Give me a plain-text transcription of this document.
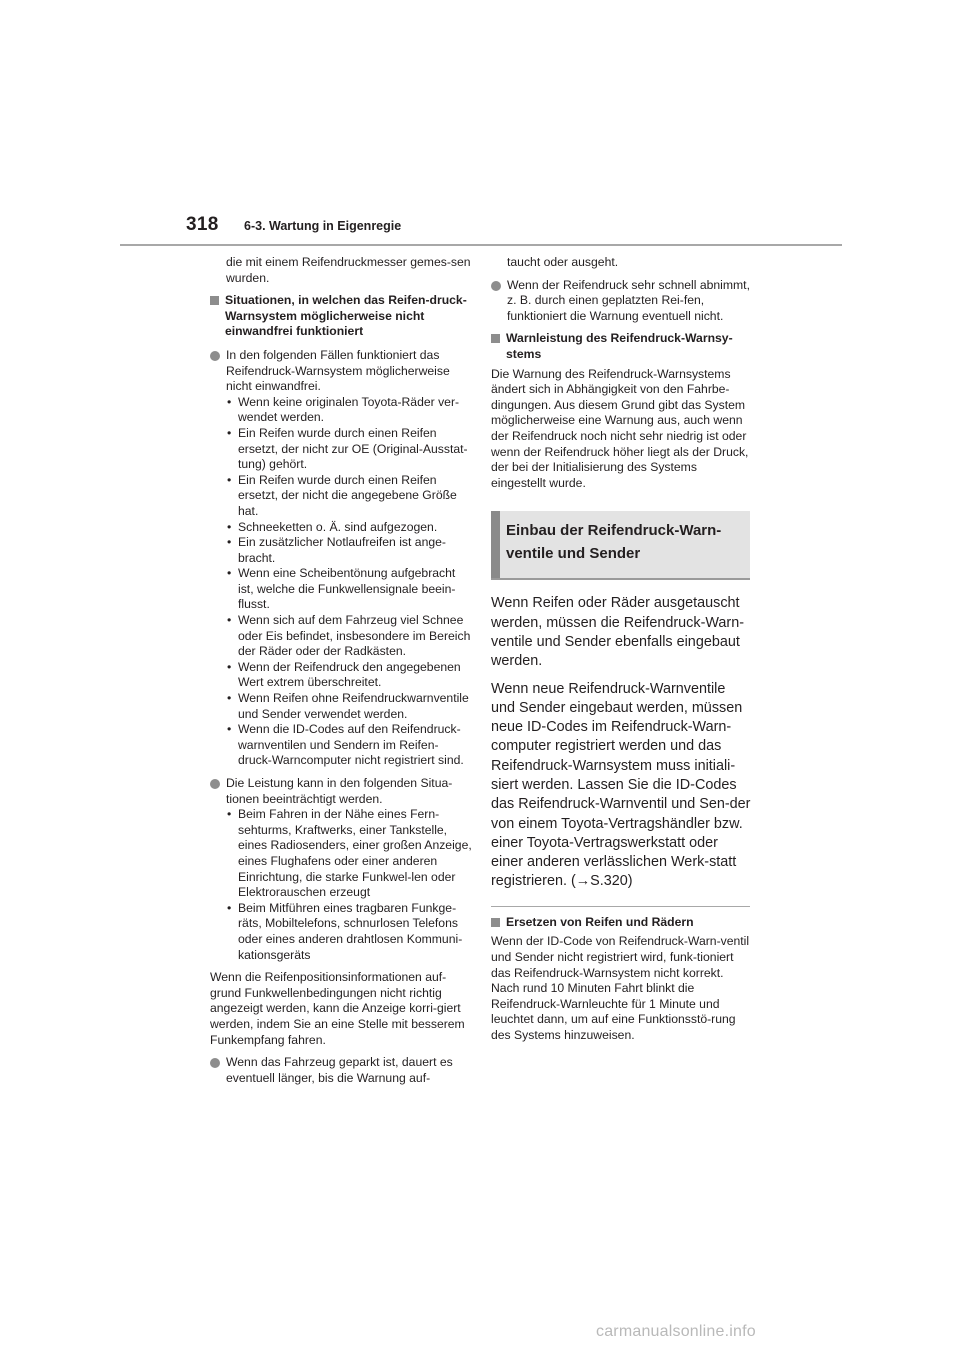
318 6-3. Wartung in Eigenregie

die mit einem Reifendruckmesser gemes-sen wurden.

Situationen, in welchen das Reifen-druck-Warnsystem möglicherweise nicht einwandfrei funktioniert

In den folgenden Fällen funktioniert das Reifendruck-Warnsystem möglicherweise nicht einwandfrei.

• Wenn keine originalen Toyota-Räder ver-wendet werden.
• Ein Reifen wurde durch einen Reifen ersetzt, der nicht zur OE (Original-Ausstat-tung) gehört.
• Ein Reifen wurde durch einen Reifen ersetzt, der nicht die angegebene Größe hat.
• Schneeketten o. Ä. sind aufgezogen.
• Ein zusätzlicher Notlaufreifen ist ange-bracht.
• Wenn eine Scheibentönung aufgebracht ist, welche die Funkwellensignale beein-flusst.
• Wenn sich auf dem Fahrzeug viel Schnee oder Eis befindet, insbesondere im Bereich der Räder oder der Radkästen.
• Wenn der Reifendruck den angegebenen Wert extrem überschreitet.
• Wenn Reifen ohne Reifendruckwarnventile und Sender verwendet werden.
• Wenn die ID-Codes auf den Reifendruck-warnventilen und Sendern im Reifen-druck-Warncomputer nicht registriert sind.

Die Leistung kann in den folgenden Situa-tionen beeinträchtigt werden.

• Beim Fahren in der Nähe eines Fern-sehturms, Kraftwerks, einer Tankstelle, eines Radiosenders, einer großen Anzeige, eines Flughafens oder einer anderen Einrichtung, die starke Funkwel-len oder Elektrorauschen erzeugt
• Beim Mitführen eines tragbaren Funkge-räts, Mobiltelefons, schnurlosen Telefons oder eines anderen drahtlosen Kommuni-kationsgeräts

Wenn die Reifenpositionsinformationen auf-grund Funkwellenbedingungen nicht richtig angezeigt werden, kann die Anzeige korri-giert werden, indem Sie an eine Stelle mit besserem Funkempfang fahren.

Wenn das Fahrzeug geparkt ist, dauert es eventuell länger, bis die Warnung auf-

taucht oder ausgeht.

Wenn der Reifendruck sehr schnell abnimmt, z. B. durch einen geplatzten Rei-fen, funktioniert die Warnung eventuell nicht.

Warnleistung des Reifendruck-Warnsy-stems

Die Warnung des Reifendruck-Warnsystems ändert sich in Abhängigkeit von den Fahrbe-dingungen. Aus diesem Grund gibt das System möglicherweise eine Warnung aus, auch wenn der Reifendruck noch nicht sehr niedrig ist oder wenn der Reifendruck höher liegt als der Druck, der bei der Initialisierung des Systems eingestellt wurde.

Einbau der Reifendruck-Warn-ventile und Sender

Wenn Reifen oder Räder ausgetauscht werden, müssen die Reifendruck-Warn-ventile und Sender ebenfalls eingebaut werden.

Wenn neue Reifendruck-Warnventile und Sender eingebaut werden, müssen neue ID-Codes im Reifendruck-Warn-computer registriert werden und das Reifendruck-Warnsystem muss initiali-siert werden. Lassen Sie die ID-Codes das Reifendruck-Warnventil und Sen-der von einem Toyota-Vertragshändler bzw. einer Toyota-Vertragswerkstatt oder einer anderen verlässlichen Werk-statt registrieren. (→S.320)

Ersetzen von Reifen und Rädern

Wenn der ID-Code von Reifendruck-Warn-ventil und Sender nicht registriert wird, funk-tioniert das Reifendruck-Warnsystem nicht korrekt. Nach rund 10 Minuten Fahrt blinkt die Reifendruck-Warnleuchte für 1 Minute und leuchtet dann, um auf eine Funktionsstö-rung des Systems hinzuweisen.

carmanualsonline.info
